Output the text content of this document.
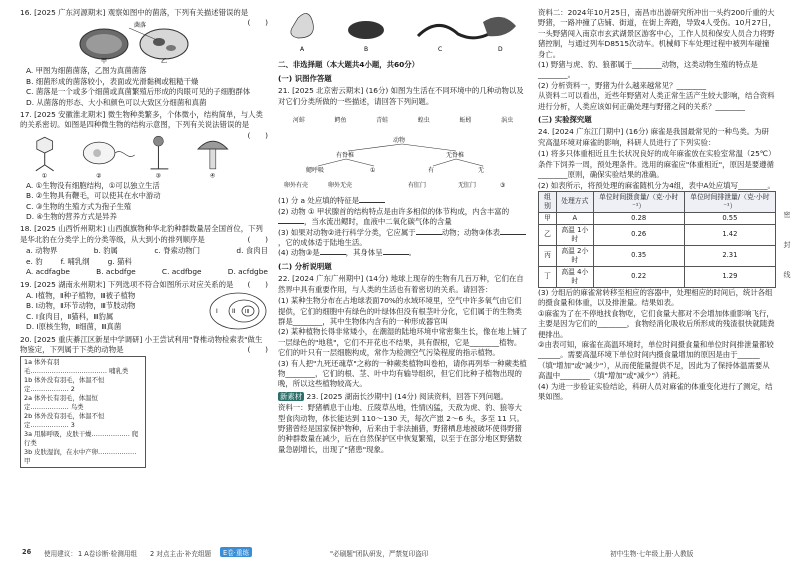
16. [2025 广东河源期末] 观察如图中的菌落，下列有关描述错误的是
(　　)
菌落
甲	乙
A. 甲图为细菌菌落，乙图为真菌菌落
B. 细菌形成的菌落较小，表面或光滑黏稠或粗糙干燥
C. 菌落是一个或多个细菌或真菌繁殖后形成的肉眼可见的子细胞群体
D. 从菌落的形态、大小和颜色可以大致区分细菌和真菌
17. [2025 安徽淮北期末] 微生物种类繁多，个体微小，结构简单，与人类的关系密切。如图是四种微生物的结构示意图，下列有关说法错误的是
(　　)
①	②	③	④
A. ①生物没有细胞结构，①可以独立生活
B. ②生物具有鞭毛，可以使其在水中游动
C. ③生物的生殖方式为孢子生殖
D. ④生物的营养方式是异养
18. [2025 山西忻州期末] 山西旗旗物种华北豹种群数量居全国首位，下列是华北豹在分类学上的分类等级，从大到小的排列顺序是	(　　)
a. 动物界	b. 豹属	c. 脊索动物门	d. 食肉目
e. 豹 f. 哺乳纲 g. 猫科
A. acdfagbe	B. acbdfge	C. acdfbge	D. acfdgbe
19. [2025 湖南永州期末] 下列选项不符合如图所示对应关系的是 (　　)
A. Ⅰ植物，Ⅱ种子植物，Ⅲ被子植物
B. Ⅰ动物，Ⅱ环节动物，Ⅲ节肢动物
C. Ⅰ食肉目，Ⅱ猫科，Ⅲ豹属
D. Ⅰ原核生物，Ⅱ细菌，Ⅲ真菌
I II III
20. [2025 重庆綦江区新星中学调研] 小王尝试利用"脊椎动物检索表"做生物鉴定，下列属于下类的动物是	(　　)
1a 体外有羽毛……………………………… 哺乳类
1b 体外没有羽毛，体温不恒定……………… 2
2a 体外长有羽毛，体温恒定……………… 鸟类
2b 体外没有羽毛，体温不恒定……………… 3
3a 用肺呼吸，皮肤干燥……………… 爬行类
3b 皮肤湿润，在水中产卵……………… 甲
A	B	C	D
二、非选择题（本大题共4小题，共60分）
(一) 识图作答题
21. [2025 北京密云期末] (16分) 如图为生活在不同环境中的几种动物以及对它们分类所做的一些描述，请回答下列问题。
河蚌	鳄鱼	青蛙	蝗虫	蚯蚓	涡虫
动物
有脊椎	无脊椎
鳃呼吸	①	有	无
卵外有壳	卵外无壳	有肛门	无肛门	③
(1) 分 a 处应填的特征是
(2) 动物 ① 甲状腺首的结构特点是由许多相似的体节构成，内含丰富的，当水流出鳃时，血液中二氧化碳气体的含量
(3) 如果对动物②进行科学分类，它应属于	动物；动物③体表，它的成体适于陆地生活。
(4) 动物③是	，其身体呈	。
(二) 分析说明题
22. [2024 广东广州期中] (14分) 地球上现存的生物有几百万种，它们在自然界中具有重要作用，与人类的生活也有着密切的关系。请回答：
(1) 某种生物分布在占地球表面70%的水域环境里，空气中许多氧气由它们提供，它们的细胞中有绿色的叶绿体但没有根茎叶分化，它们属于的生物类群是________，其中生物体内含有的一种形成器官叫
(2) 某种植物长得非常矮小，在潮湿的陆地环境中常密集生长，像在地上铺了一层绿色的"地毯"，它们不开花也不结果，具有假根，它是________植物。它们的叶只有一层细胞构成，常作为检测空气污染程度的指示植物。
(3) 有人把"九死还魂草"之称的一种蕨类植物叫卷柏，请你再列举一种蕨类植物________，它们的根、茎、叶中均有输导组织，但它们比种子植物出现的晚，所以这些植物较高大。
新素材 23. [2025 湖南长沙期中] (14分) 阅读资料，回答下列问题。
资料一：野猪栖息于山地、丘陵草丛地，性情凶猛，天敌为虎、豹、狼等大型食肉动物，体长能达到 110～130 天，每次产崽 2～6 头，多至 11 只。野猪曾经是国家保护物种，后来由于非法捕猎，野猪栖息地被破坏使得野猪的种群数量在减少，后在自然保护区中恢复繁殖，以至于在部分地区野猪数量急剧增长，出现了"猪患"现象。
资料二：2024年10月25日，南昌市出游研究所冲出一头约200斤重的大野猪，一路冲撞了店铺、街道，在街上奔跑，导致4人受伤。10月27日，一头野猪闯入南京市玄武湖景区游客中心，工作人员和保安人员合力将野猪控制，与通过列车D8515次动车。机械师下车处理过程中被列车碰撞身亡。
(1) 野猪与虎、豹、狼都属于________动物，这类动物生殖的特点是________。
(2) 分析资料一，野猪为什么越来越常见？________
从资料二可以看出，近些年野猪对人类正常生活产生较大影响，结合资料进行分析，人类应该如何正确处理与野猪之间的关系？________
(三) 实验探究题
24. [2024 广东江门期中] (16分) 麻雀是我国最常见的一种鸟类。为研究高温环境对麻雀的影响，科研人员进行了下列实验：
(1) 将多只体重相近且生长状况良好的成年麻雀放在实验室常温（25℃）条件下饲养一周，预处理条件。选用的麻雀应"体重相近"，原因是要遵循________原则，确保实验结果的准确。
(2) 如表所示，将预处理的麻雀随机分为4组，表中A处应填写________。
组别	处理方式	单位时间摄食量/（克·小时⁻¹）	单位时间排泄量/（克·小时⁻¹）
甲	A	0.28	0.55
乙	高温 1小时	0.26	1.42
丙	高温 2小时	0.35	2.31
丁	高温 4小时	0.22	1.29
(3) 分组后的麻雀常转移至相应的容器中，处理相应的时间后，统计各组的摄食量和体重，以及排泄量。结果如表。
①麻雀为了在不停地找食物吃，它们食量大都对不会增加体重影响飞行，主要是因为它们的________，食物经消化吸收后所形成的残渣很快就随粪便排出。
②由表可知，麻雀在高温环境时，单位时间摄食量和单位时间排泄量都较______。需要高温环境下单位时间内摄食量增加的原因是由于______（填"增加"或"减少"），从而使能量提供不足，因此为了保持体温需要从高温中________（填"增加"或"减少"）消耗。
(4) 为进一步验证实验结论，科研人员对麻雀的体重变化进行了测定，结果如图。
密
封
线
26 使用建议： 1 A卷诊断·检测用组 2 对点主击·补充组题	E卷·重练	"必刷题"团队研发，严禁复印盗印	初中生物·七年级上册·人教版
